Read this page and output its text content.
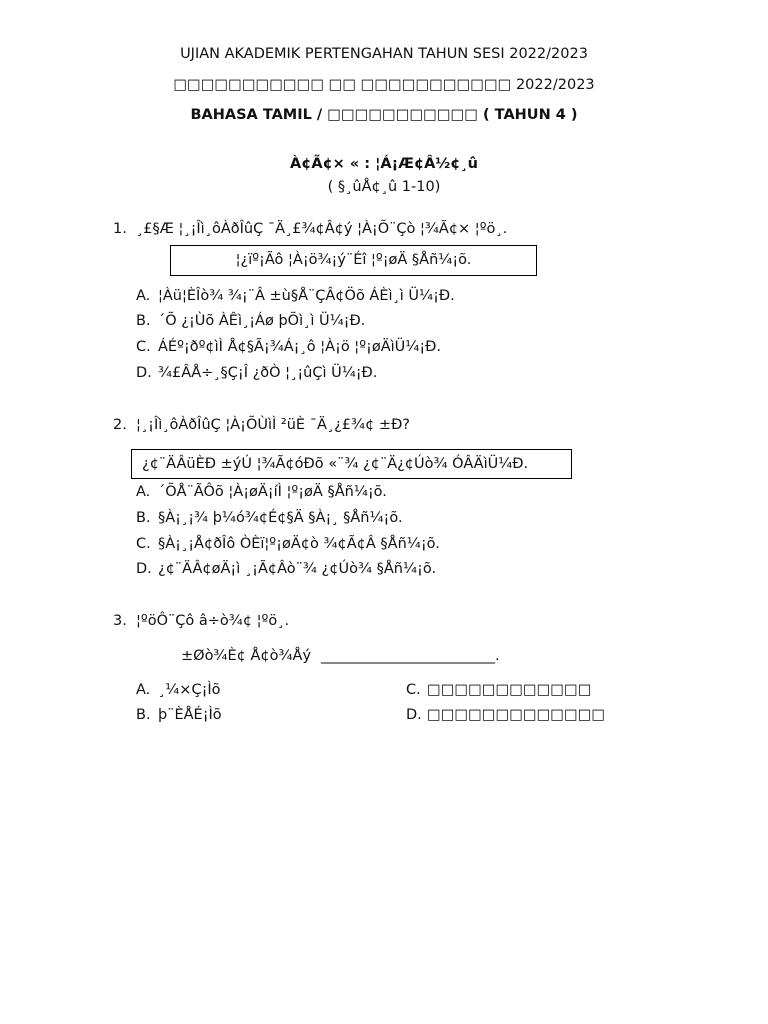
UJIAN AKADEMIK PERTENGAHAN TAHUN SESI 2022/2023
□□□□□□□□□□□ □□ □□□□□□□□□□□ 2022/2023
BAHASA TAMIL / □□□□□□□□□□□ ( TAHUN 4 )
À¢Ã¢× « : ¦Á¡Æ¢Â½¢¸û
( §¸ûÅ¢¸û 1-10)
1. ¸£§Æ ¦¸¡Îì¸ôÀðÎûÇ ¯Ä¸£¾¢Â¢ý ¦À¡Õ¨Çò ¦¾Ã¢× ¦ºö¸.
¦¿ïº¡Ãô ¦À¡ö¾¡ý¨Éî ¦º¡øÄ §Åñ¼¡õ.
A. ¦Àü¦ÈÎò¾ ¾¡¨Â ±ù§Å¨ÇÂ¢Öõ ÁÈì¸ì Ü¼¡Ð.
B. ´Õ ¿¡Ùõ ÀÊì¸¡Áø þÕì¸ì Ü¼¡Ð.
C. ÁÉº¡ðº¢ìÌ Å¢§Ã¡¾Á¡¸ô ¦À¡ö ¦º¡øÄìÜ¼¡Ð.
D. ¾£ÂÅ÷¸§Ç¡Î ¿ðÒ ¦¸¡ûÇì Ü¼¡Ð.
2. ¦¸¡Îì¸ôÀðÎûÇ ¦À¡ÕÙìÌ ²üÈ ¯Ä¸¿£¾¢ ±Ð?
¿¢¨ÄÂüÈÐ ±ýÚ ¦¾Ã¢óÐõ «¨¾ ¿¢¨Ä¿¢Úò¾ ÓÂÄìÜ¼Ð.
A. ´ÕÅ¨ÃÔõ ¦À¡øÄ¡íÌ ¦º¡øÄ §Åñ¼¡õ.
B. §À¡¸¡¾ þ¼ó¾¢É¢§Ä §À¡¸ §Åñ¼¡õ.
C. §À¡¸¡Å¢ðÎô ÒÈï¦º¡øÄ¢ò ¾¢Ã¢Â §Åñ¼¡õ.
D. ¿¢¨ÄÂ¢øÄ¡ì ¸¡Ã¢Âò¨¾ ¿¢Úò¾ §Åñ¼¡õ.
3. ¦ºöÔ¨Çô â÷ò¾¢ ¦ºö¸.
±Øò¾È¢ Å¢ò¾Åý ________________________.
A. ¸¼×Ç¡Ìõ
B. þ¨ÈÅÉ¡Ìõ
C. □□□□□□□□□□□□
D. □□□□□□□□□□□□□
